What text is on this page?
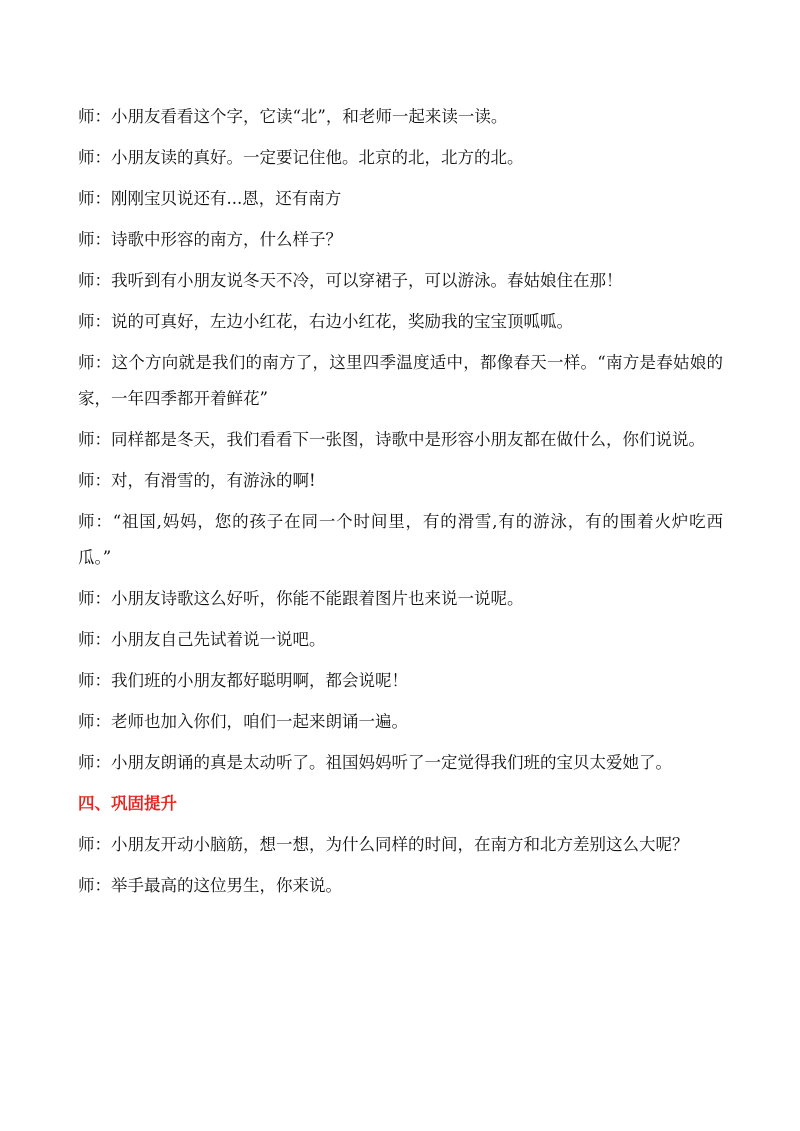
师：小朋友看看这个字，它读“北”，和老师一起来读一读。

师：小朋友读的真好。一定要记住他。北京的北，北方的北。

师：刚刚宝贝说还有...恩，还有南方

师：诗歌中形容的南方，什么样子？

师：我听到有小朋友说冬天不冷，可以穿裙子，可以游泳。春姑娘住在那！

师：说的可真好，左边小红花，右边小红花，奖励我的宝宝顶呱呱。

师：这个方向就是我们的南方了，这里四季温度适中，都像春天一样。“南方是春姑娘的家，一年四季都开着鲜花”

师：同样都是冬天，我们看看下一张图，诗歌中是形容小朋友都在做什么，你们说说。

师：对，有滑雪的，有游泳的啊!

师：“祖国,妈妈，您的孩子在同一个时间里，有的滑雪,有的游泳，有的围着火炉吃西瓜。”

师：小朋友诗歌这么好听，你能不能跟着图片也来说一说呢。

师：小朋友自己先试着说一说吧。

师：我们班的小朋友都好聪明啊，都会说呢！

师：老师也加入你们，咱们一起来朗诵一遍。

师：小朋友朗诵的真是太动听了。祖国妈妈听了一定觉得我们班的宝贝太爱她了。

四、巩固提升

师：小朋友开动小脑筋，想一想，为什么同样的时间，在南方和北方差别这么大呢？

师：举手最高的这位男生，你来说。
